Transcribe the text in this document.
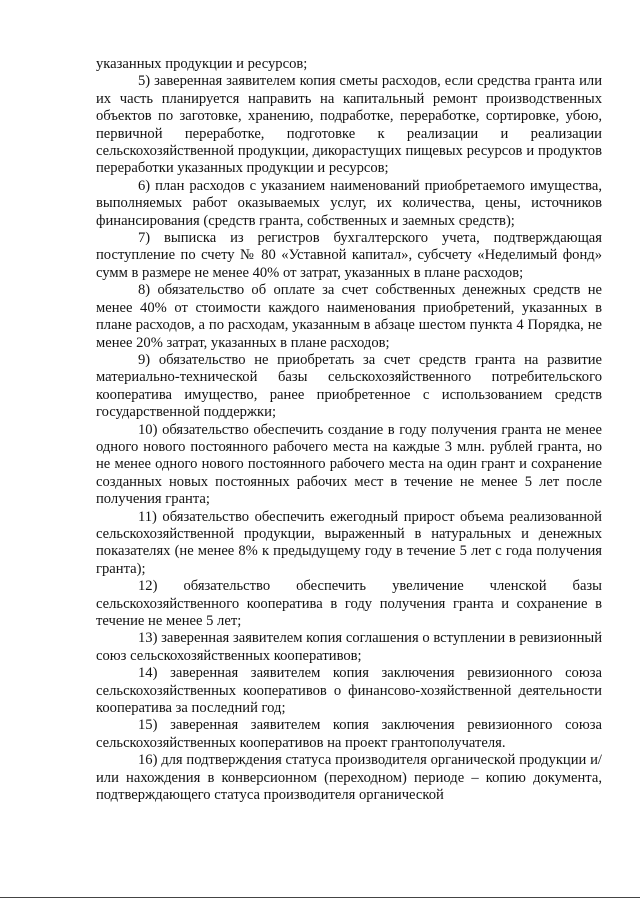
указанных продукции и ресурсов;

5) заверенная заявителем копия сметы расходов, если средства гранта или их часть планируется направить на капитальный ремонт производственных объектов по заготовке, хранению, подработке, переработке, сортировке, убою, первичной переработке, подготовке к реализации и реализации сельскохозяйственной продукции, дикорастущих пищевых ресурсов и продуктов переработки указанных продукции и ресурсов;

6) план расходов с указанием наименований приобретаемого имущества, выполняемых работ оказываемых услуг, их количества, цены, источников финансирования (средств гранта, собственных и заемных средств);

7) выписка из регистров бухгалтерского учета, подтверждающая поступление по счету № 80 «Уставной капитал», субсчету «Неделимый фонд» сумм в размере не менее 40% от затрат, указанных в плане расходов;

8) обязательство об оплате за счет собственных денежных средств не менее 40% от стоимости каждого наименования приобретений, указанных в плане расходов, а по расходам, указанным в абзаце шестом пункта 4 Порядка, не менее 20% затрат, указанных в плане расходов;

9) обязательство не приобретать за счет средств гранта на развитие материально-технической базы сельскохозяйственного потребительского кооператива имущество, ранее приобретенное с использованием средств государственной поддержки;

10) обязательство обеспечить создание в году получения гранта не менее одного нового постоянного рабочего места на каждые 3 млн. рублей гранта, но не менее одного нового постоянного рабочего места на один грант и сохранение созданных новых постоянных рабочих мест в течение не менее 5 лет после получения гранта;

11) обязательство обеспечить ежегодный прирост объема реализованной сельскохозяйственной продукции, выраженный в натуральных и денежных показателях (не менее 8% к предыдущему году в течение 5 лет с года получения гранта);

12) обязательство обеспечить увеличение членской базы сельскохозяйственного кооператива в году получения гранта и сохранение в течение не менее 5 лет;

13) заверенная заявителем копия соглашения о вступлении в ревизионный союз сельскохозяйственных кооперативов;

14) заверенная заявителем копия заключения ревизионного союза сельскохозяйственных кооперативов о финансово-хозяйственной деятельности кооператива за последний год;

15) заверенная заявителем копия заключения ревизионного союза сельскохозяйственных кооперативов на проект грантополучателя.

16) для подтверждения статуса производителя органической продукции и/или нахождения в конверсионном (переходном) периоде – копию документа, подтверждающего статуса производителя органической
